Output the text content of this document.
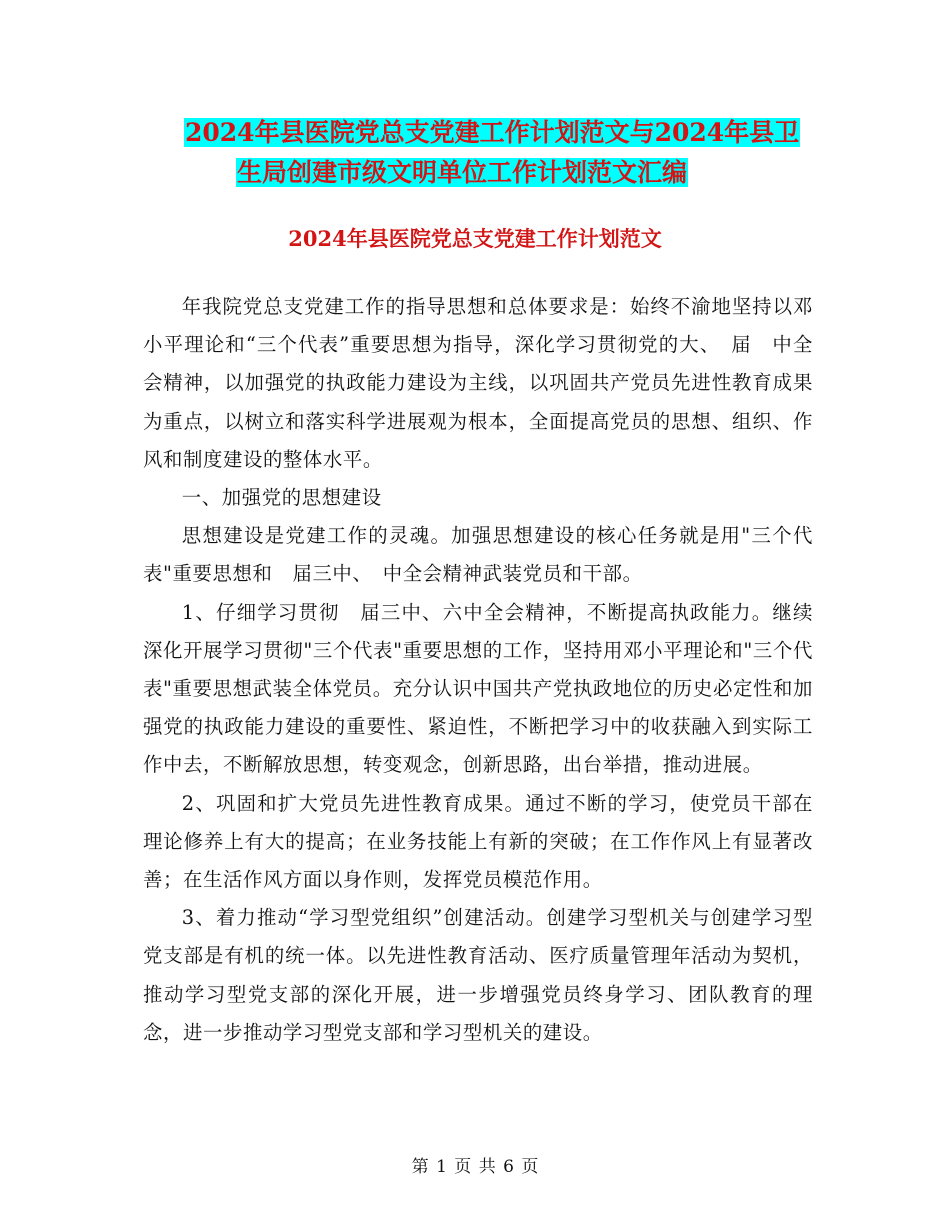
2024年县医院党总支党建工作计划范文与2024年县卫
生局创建市级文明单位工作计划范文汇编
2024年县医院党总支党建工作计划范文

年我院党总支党建工作的指导思想和总体要求是：始终不渝地坚持以邓小平理论和“三个代表”重要思想为指导，深化学习贯彻党的大、　届　中全会精神，以加强党的执政能力建设为主线，以巩固共产党员先进性教育成果为重点，以树立和落实科学进展观为根本，全面提高党员的思想、组织、作风和制度建设的整体水平。

一、加强党的思想建设

思想建设是党建工作的灵魂。加强思想建设的核心任务就是用"三个代表"重要思想和　届三中、　中全会精神武装党员和干部。

1、仔细学习贯彻　届三中、六中全会精神，不断提高执政能力。继续深化开展学习贯彻"三个代表"重要思想的工作，坚持用邓小平理论和"三个代表"重要思想武装全体党员。充分认识中国共产党执政地位的历史必定性和加强党的执政能力建设的重要性、紧迫性，不断把学习中的收获融入到实际工作中去，不断解放思想，转变观念，创新思路，出台举措，推动进展。

2、巩固和扩大党员先进性教育成果。通过不断的学习，使党员干部在理论修养上有大的提高；在业务技能上有新的突破；在工作作风上有显著改善；在生活作风方面以身作则，发挥党员模范作用。

3、着力推动“学习型党组织”创建活动。创建学习型机关与创建学习型党支部是有机的统一体。以先进性教育活动、医疗质量管理年活动为契机，推动学习型党支部的深化开展，进一步增强党员终身学习、团队教育的理念，进一步推动学习型党支部和学习型机关的建设。

第 1 页 共 6 页
